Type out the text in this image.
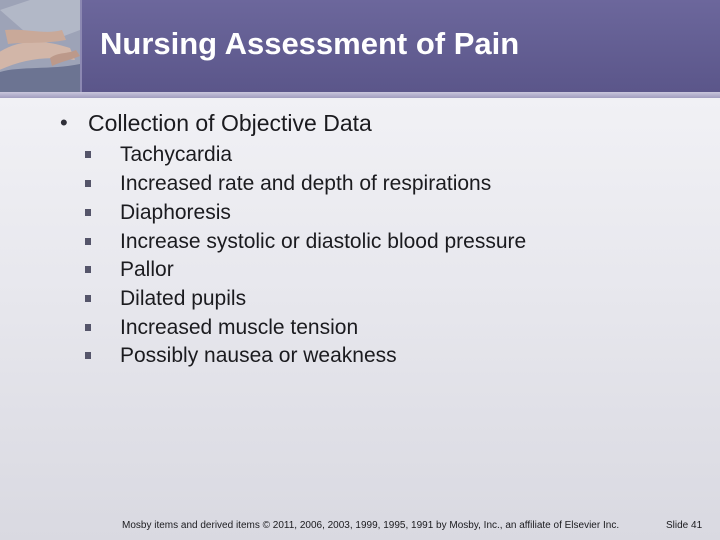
Nursing Assessment of Pain
• Collection of Objective Data
Tachycardia
Increased rate and depth of respirations
Diaphoresis
Increase systolic or diastolic blood pressure
Pallor
Dilated pupils
Increased muscle tension
Possibly nausea or weakness
Mosby items and derived items © 2011, 2006, 2003, 1999, 1995, 1991 by Mosby, Inc., an affiliate of Elsevier Inc.	Slide 41
